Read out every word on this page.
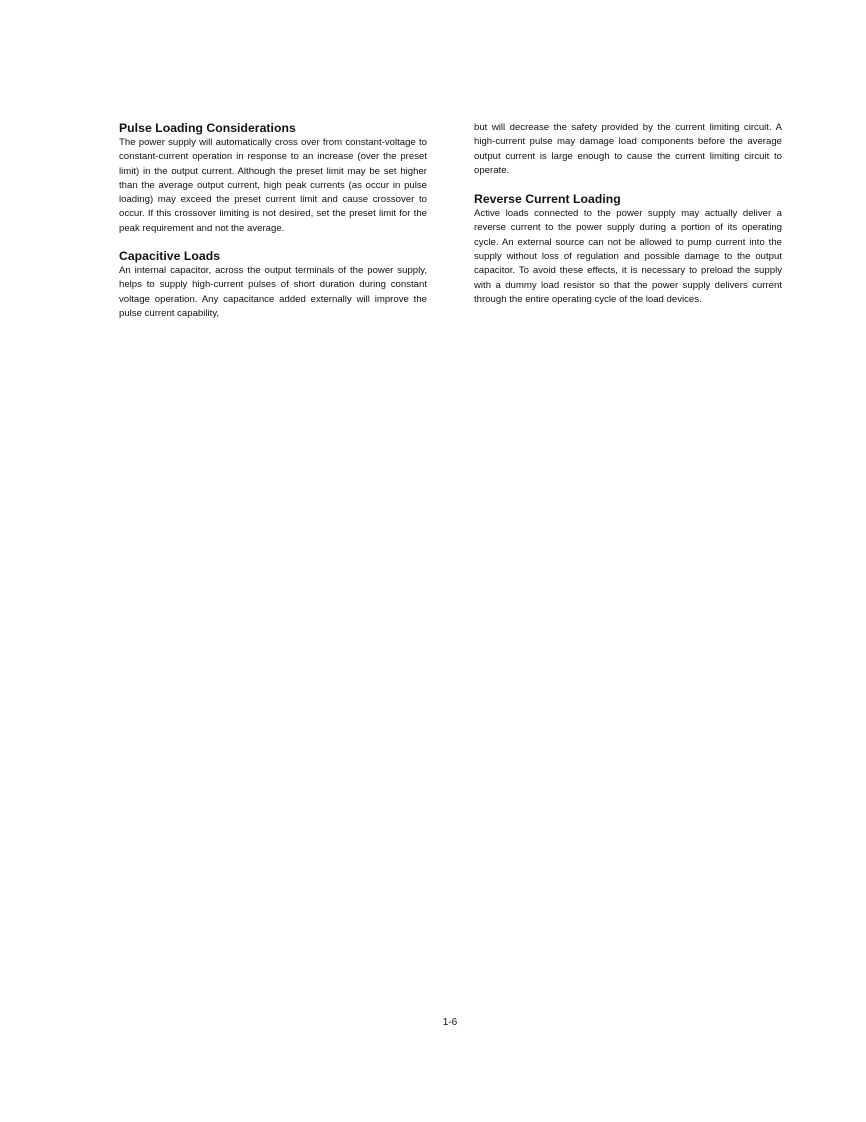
Pulse Loading Considerations

The power supply will automatically cross over from constant-voltage to constant-current operation in response to an increase (over the preset limit) in the output current. Although the preset limit may be set higher than the average output current, high peak currents (as occur in pulse loading) may exceed the preset current limit and cause crossover to occur. If this crossover limiting is not desired, set the preset limit for the peak requirement and not the average.

Capacitive Loads

An internal capacitor, across the output terminals of the power supply, helps to supply high-current pulses of short duration during constant voltage operation. Any capacitance added externally will improve the pulse current capability,

but will decrease the safety provided by the current limiting circuit. A high-current pulse may damage load components before the average output current is large enough to cause the current limiting circuit to operate.

Reverse Current Loading

Active loads connected to the power supply may actually deliver a reverse current to the power supply during a portion of its operating cycle. An external source can not be allowed to pump current into the supply without loss of regulation and possible damage to the output capacitor. To avoid these effects, it is necessary to preload the supply with a dummy load resistor so that the power supply delivers current through the entire operating cycle of the load devices.

1-6
